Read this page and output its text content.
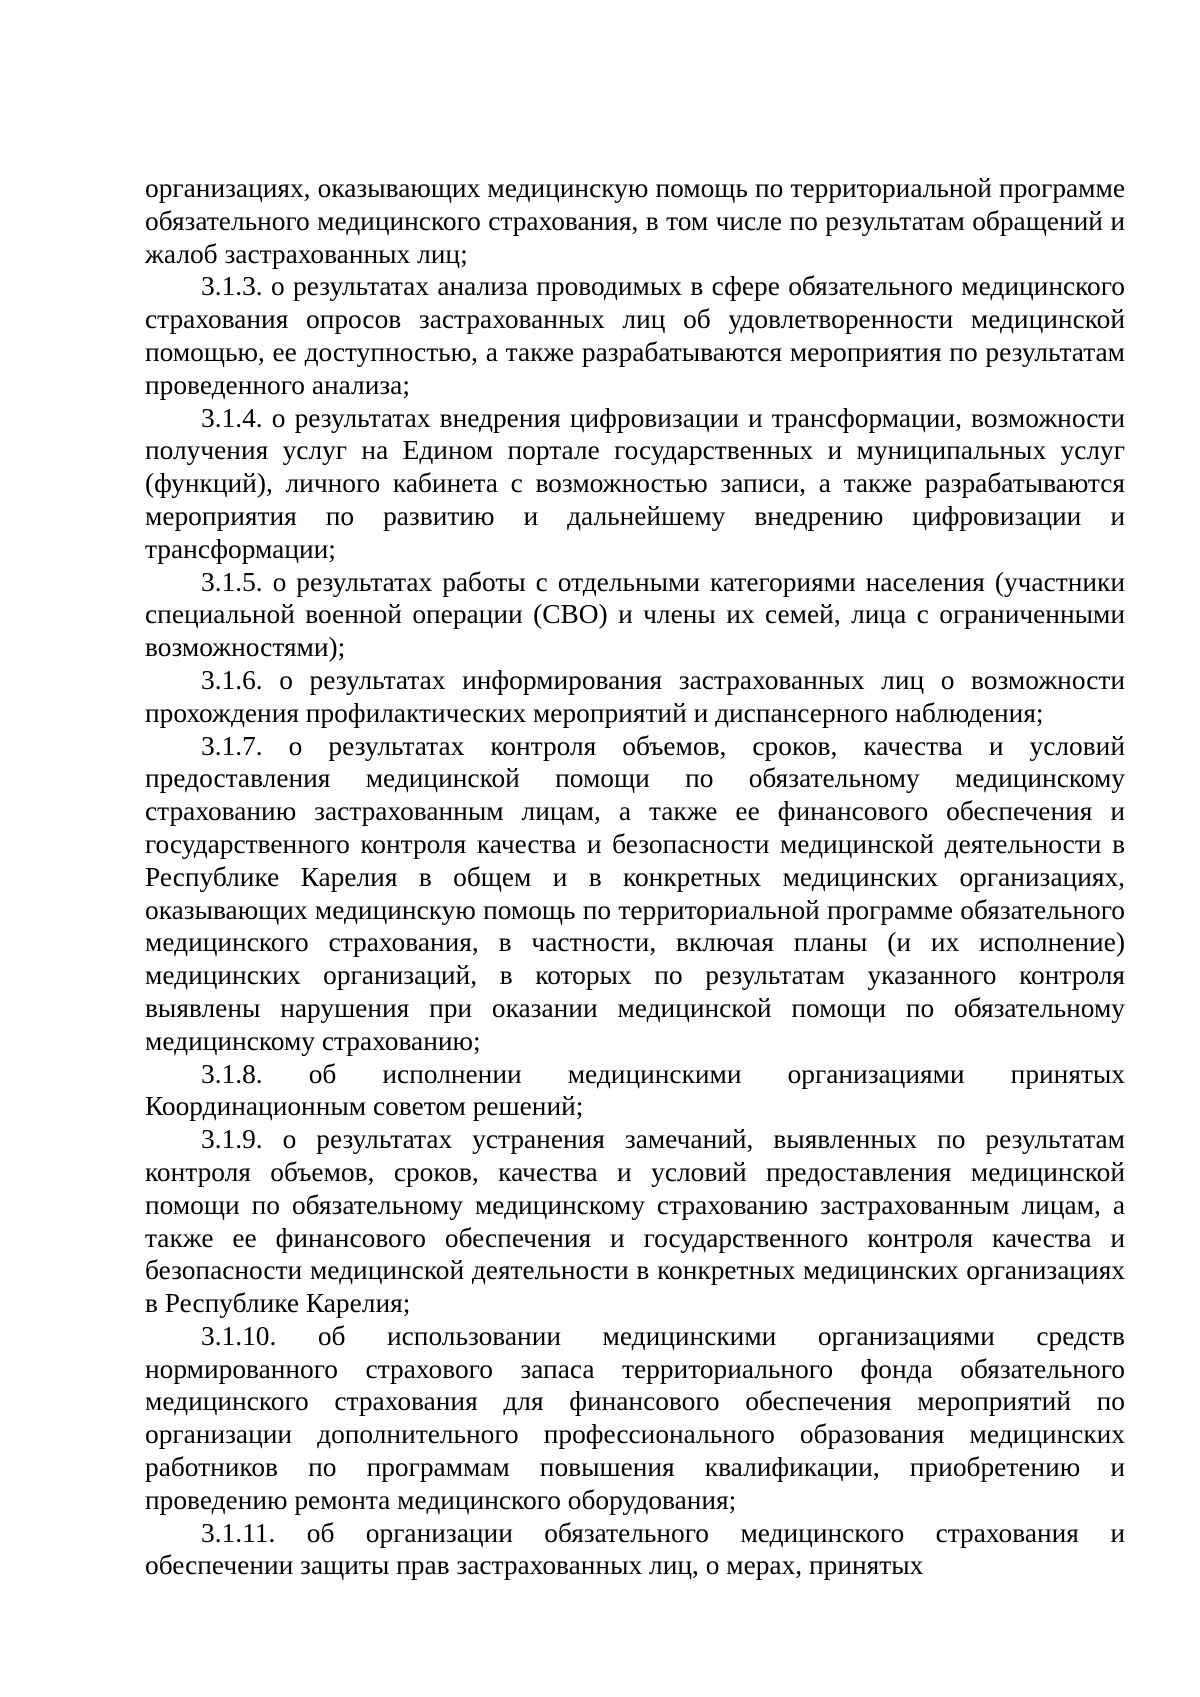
организациях, оказывающих медицинскую помощь по территориальной программе обязательного медицинского страхования, в том числе по результатам обращений и жалоб застрахованных лиц;

3.1.3. о результатах анализа проводимых в сфере обязательного медицинского страхования опросов застрахованных лиц об удовлетворенности медицинской помощью, ее доступностью, а также разрабатываются мероприятия по результатам проведенного анализа;

3.1.4. о результатах внедрения цифровизации и трансформации, возможности получения услуг на Едином портале государственных и муниципальных услуг (функций), личного кабинета с возможностью записи, а также разрабатываются мероприятия по развитию и дальнейшему внедрению цифровизации и трансформации;

3.1.5. о результатах работы с отдельными категориями населения (участники специальной военной операции (СВО) и члены их семей, лица с ограниченными возможностями);

3.1.6. о результатах информирования застрахованных лиц о возможности прохождения профилактических мероприятий и диспансерного наблюдения;

3.1.7. о результатах контроля объемов, сроков, качества и условий предоставления медицинской помощи по обязательному медицинскому страхованию застрахованным лицам, а также ее финансового обеспечения и государственного контроля качества и безопасности медицинской деятельности в Республике Карелия в общем и в конкретных медицинских организациях, оказывающих медицинскую помощь по территориальной программе обязательного медицинского страхования, в частности, включая планы (и их исполнение) медицинских организаций, в которых по результатам указанного контроля выявлены нарушения при оказании медицинской помощи по обязательному медицинскому страхованию;

3.1.8. об исполнении медицинскими организациями принятых Координационным советом решений;

3.1.9. о результатах устранения замечаний, выявленных по результатам контроля объемов, сроков, качества и условий предоставления медицинской помощи по обязательному медицинскому страхованию застрахованным лицам, а также ее финансового обеспечения и государственного контроля качества и безопасности медицинской деятельности в конкретных медицинских организациях в Республике Карелия;

3.1.10. об использовании медицинскими организациями средств нормированного страхового запаса территориального фонда обязательного медицинского страхования для финансового обеспечения мероприятий по организации дополнительного профессионального образования медицинских работников по программам повышения квалификации, приобретению и проведению ремонта медицинского оборудования;

3.1.11. об организации обязательного медицинского страхования и обеспечении защиты прав застрахованных лиц, о мерах, принятых
